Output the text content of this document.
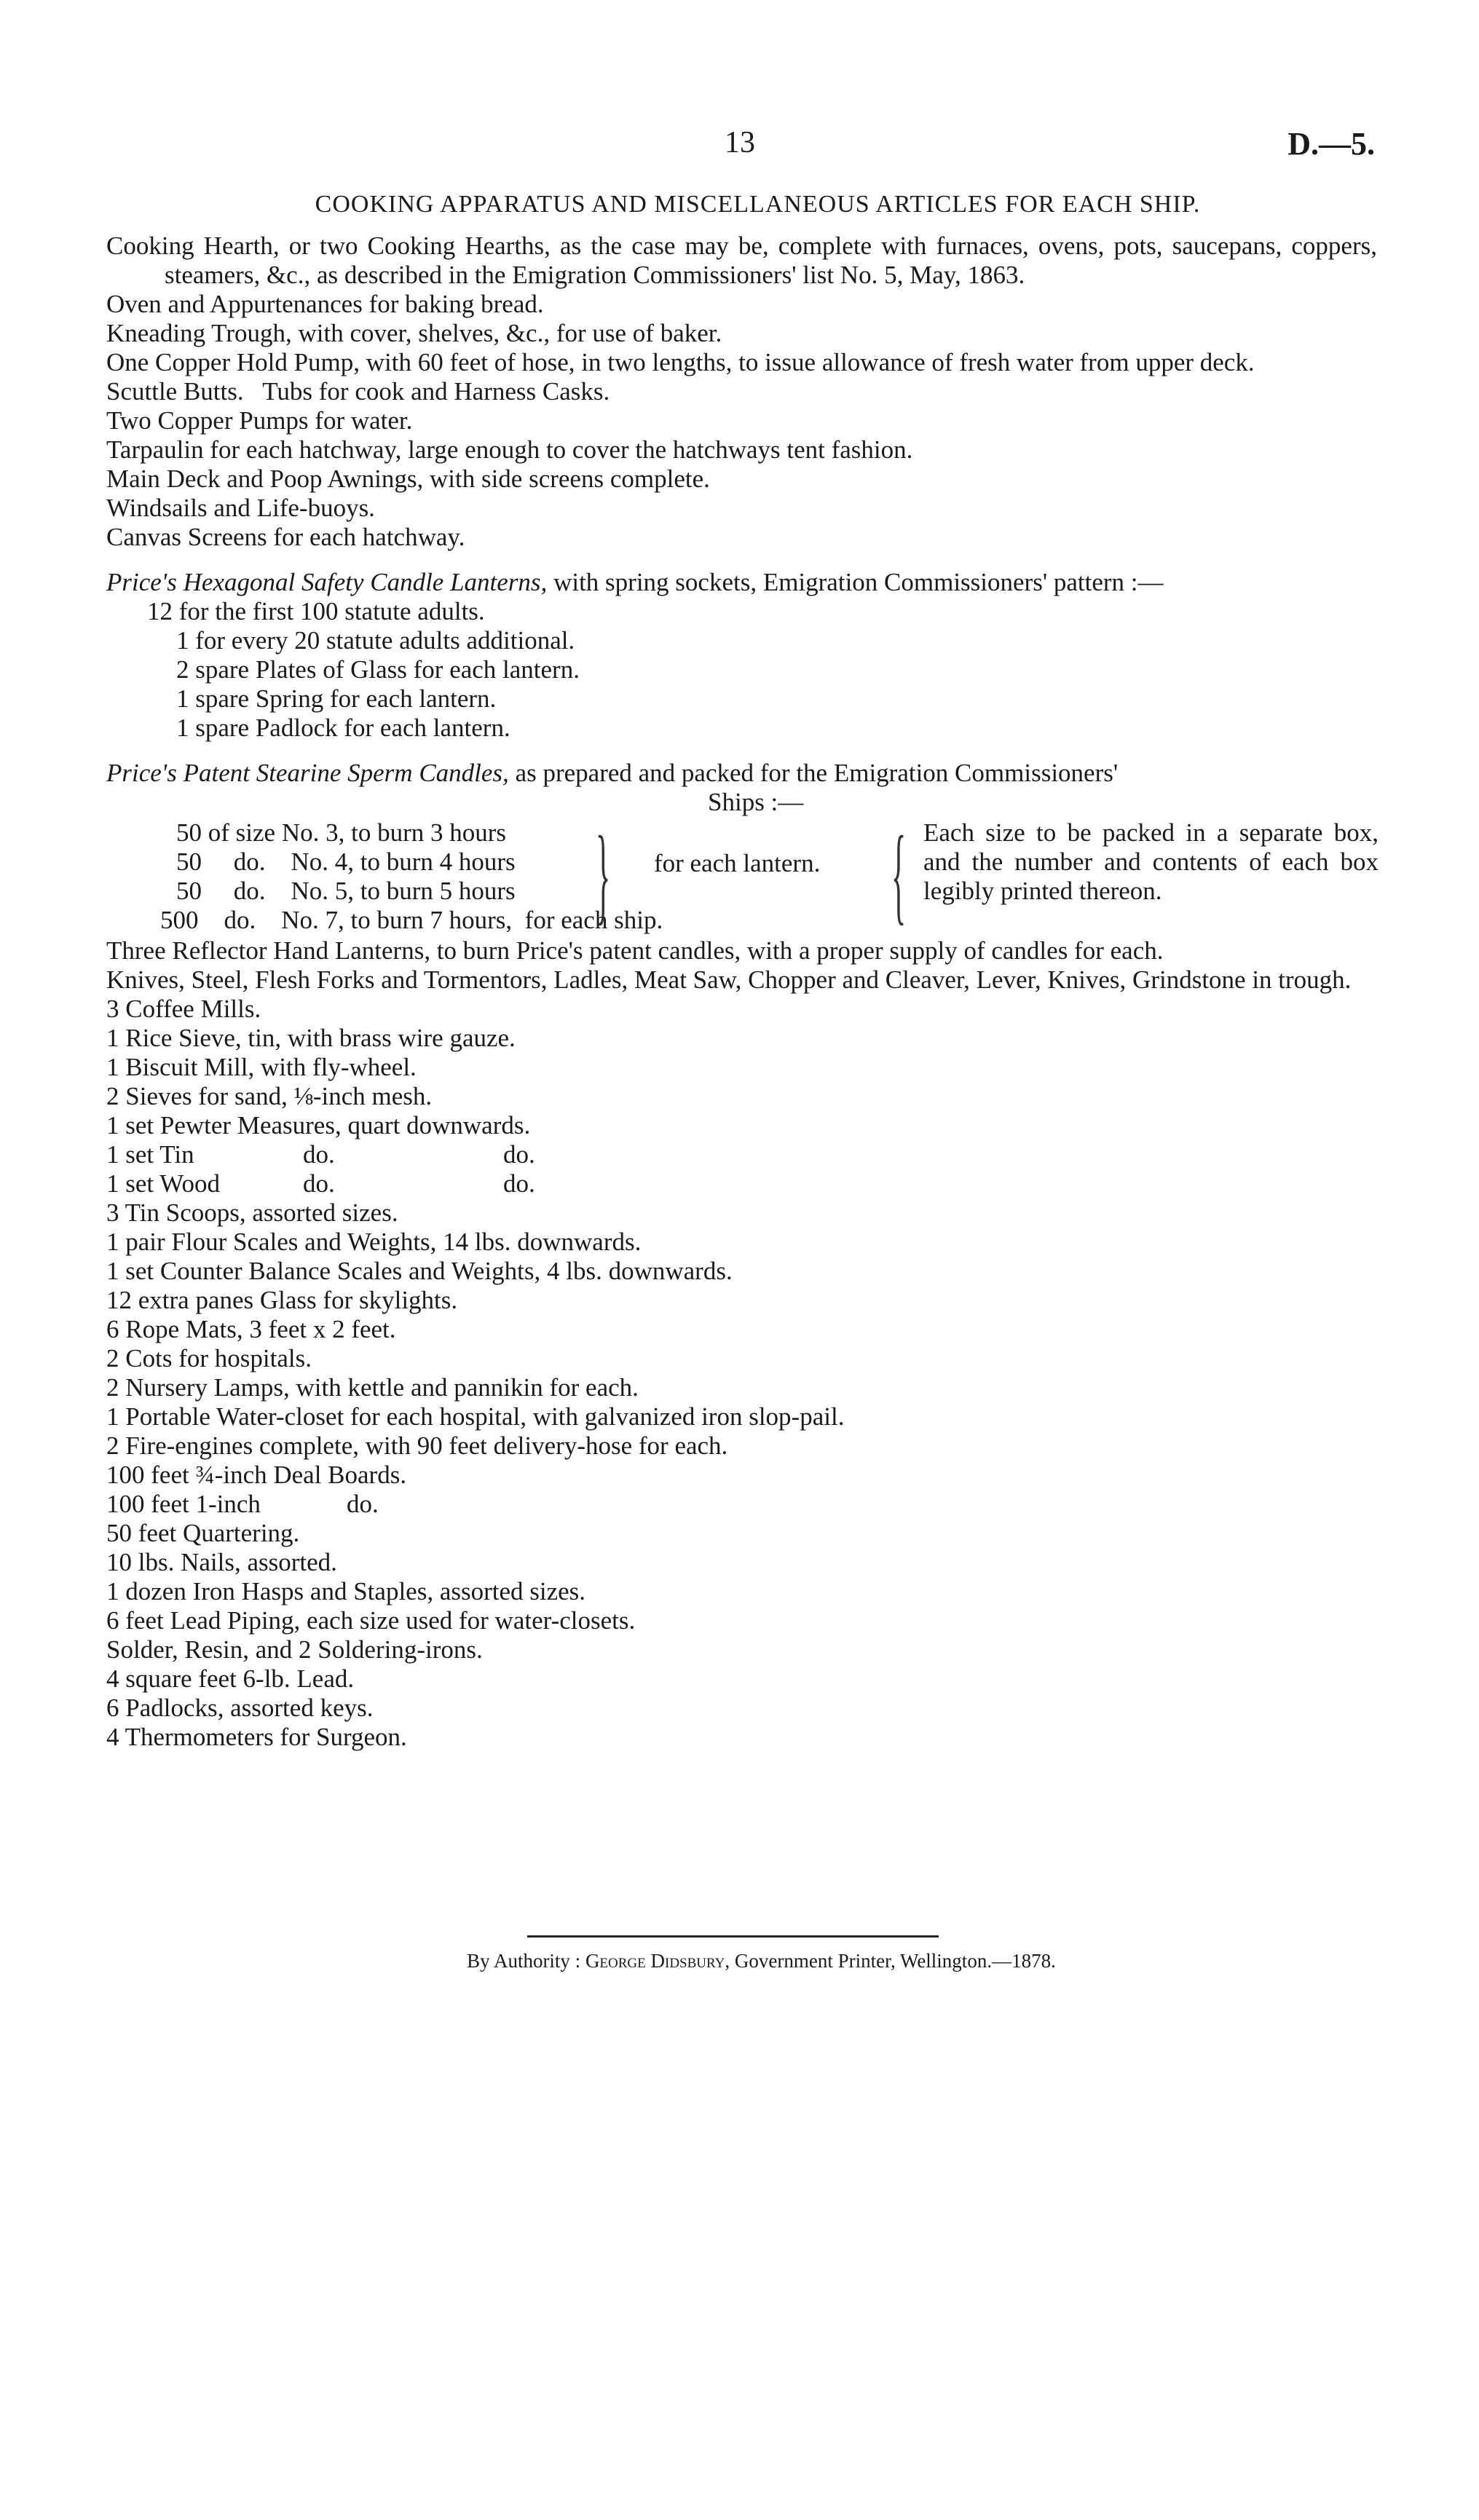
13	D.—5.
COOKING APPARATUS AND MISCELLANEOUS ARTICLES FOR EACH SHIP.

Cooking Hearth, or two Cooking Hearths, as the case may be, complete with furnaces, ovens, pots, saucepans, coppers, steamers, &c., as described in the Emigration Commissioners' list No. 5, May, 1863.

Oven and Appurtenances for baking bread.

Kneading Trough, with cover, shelves, &c., for use of baker.

One Copper Hold Pump, with 60 feet of hose, in two lengths, to issue allowance of fresh water from upper deck.

Scuttle Butts.   Tubs for cook and Harness Casks.

Two Copper Pumps for water.

Tarpaulin for each hatchway, large enough to cover the hatchways tent fashion.

Main Deck and Poop Awnings, with side screens complete.

Windsails and Life-buoys.

Canvas Screens for each hatchway.

Price's Hexagonal Safety Candle Lanterns, with spring sockets, Emigration Commissioners' pattern :—

12 for the first 100 statute adults.

1 for every 20 statute adults additional.

2 spare Plates of Glass for each lantern.

1 spare Spring for each lantern.

1 spare Padlock for each lantern.

Price's Patent Stearine Sperm Candles, as prepared and packed for the Emigration Commissioners'

Ships :—

50 of size No. 3, to burn 3 hours
50     do.    No. 4, to burn 4 hours
50     do.    No. 5, to burn 5 hours
500    do.    No. 7, to burn 7 hours,  for each ship.
} for each lantern. { Each size to be packed in a separate box, and the number and contents of each box legibly printed thereon.

Three Reflector Hand Lanterns, to burn Price's patent candles, with a proper supply of candles for each.

Knives, Steel, Flesh Forks and Tormentors, Ladles, Meat Saw, Chopper and Cleaver, Lever, Knives, Grindstone in trough.

3 Coffee Mills.

1 Rice Sieve, tin, with brass wire gauze.

1 Biscuit Mill, with fly-wheel.

2 Sieves for sand, ⅛-inch mesh.

1 set Pewter Measures, quart downwards.

1 set Tin	do.	do.

1 set Wood	do.	do.

3 Tin Scoops, assorted sizes.

1 pair Flour Scales and Weights, 14 lbs. downwards.

1 set Counter Balance Scales and Weights, 4 lbs. downwards.

12 extra panes Glass for skylights.

6 Rope Mats, 3 feet x 2 feet.

2 Cots for hospitals.

2 Nursery Lamps, with kettle and pannikin for each.

1 Portable Water-closet for each hospital, with galvanized iron slop-pail.

2 Fire-engines complete, with 90 feet delivery-hose for each.

100 feet ¾-inch Deal Boards.

100 feet 1-inch	do.

50 feet Quartering.

10 lbs. Nails, assorted.

1 dozen Iron Hasps and Staples, assorted sizes.

6 feet Lead Piping, each size used for water-closets.

Solder, Resin, and 2 Soldering-irons.

4 square feet 6-lb. Lead.

6 Padlocks, assorted keys.

4 Thermometers for Surgeon.

By Authority : George Didsbury, Government Printer, Wellington.—1878.
